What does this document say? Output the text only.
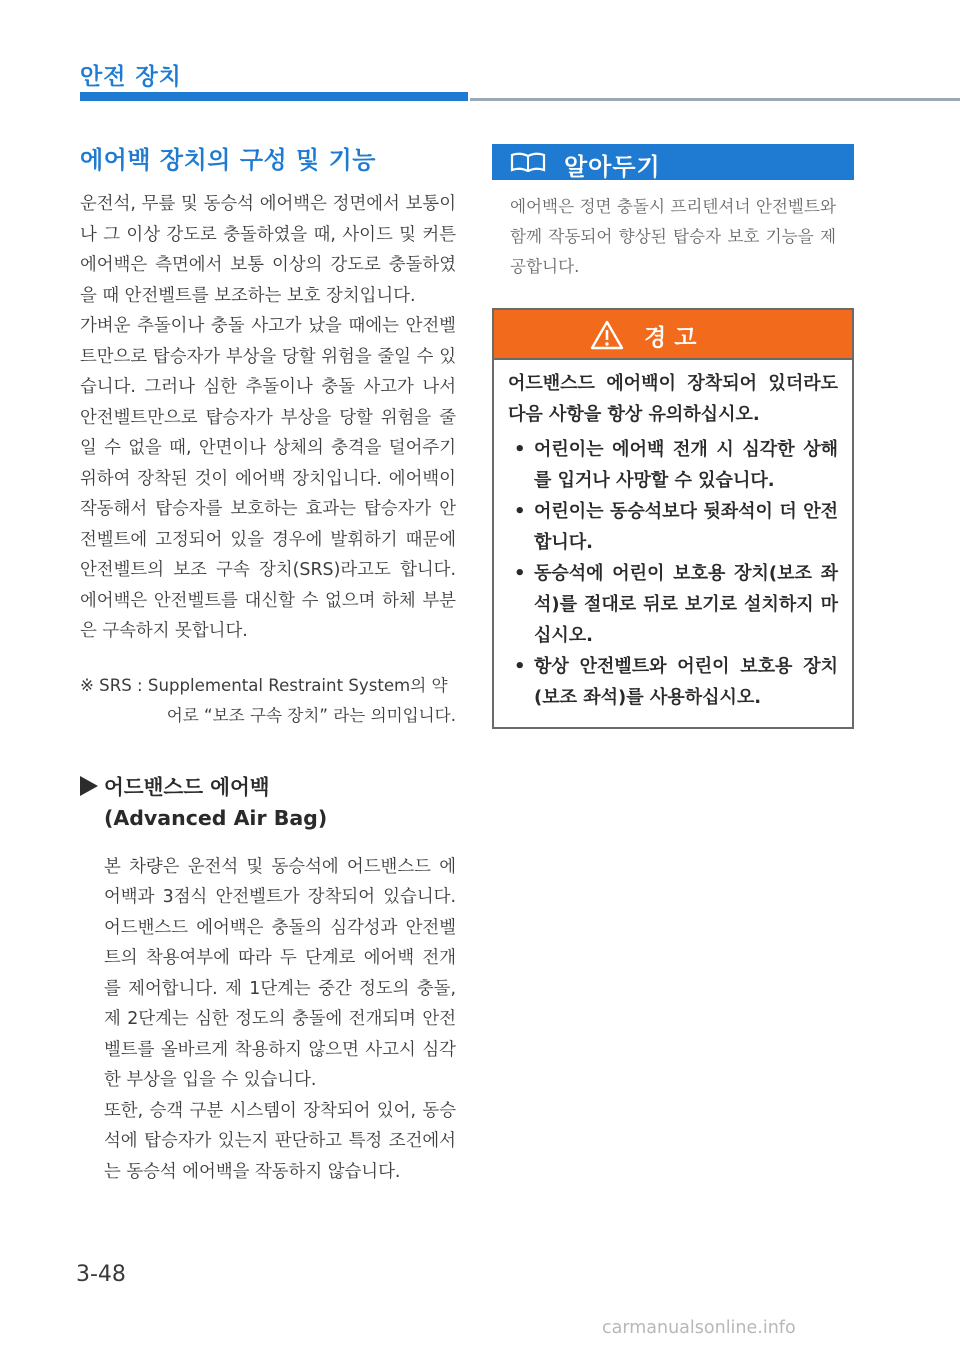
안전 장치
에어백 장치의 구성 및 기능

운전석, 무릎 및 동승석 에어백은 정면에서 보통이나 그 이상 강도로 충돌하였을 때, 사이드 및 커튼 에어백은 측면에서 보통 이상의 강도로 충돌하였을 때 안전벨트를 보조하는 보호 장치입니다.

가벼운 추돌이나 충돌 사고가 났을 때에는 안전벨트만으로 탑승자가 부상을 당할 위험을 줄일 수 있습니다. 그러나 심한 추돌이나 충돌 사고가 나서 안전벨트만으로 탑승자가 부상을 당할 위험을 줄일 수 없을 때, 안면이나 상체의 충격을 덜어주기 위하여 장착된 것이 에어백 장치입니다. 에어백이 작동해서 탑승자를 보호하는 효과는 탑승자가 안전벨트에 고정되어 있을 경우에 발휘하기 때문에 안전벨트의 보조 구속 장치(SRS)라고도 합니다. 에어백은 안전벨트를 대신할 수 없으며 하체 부분은 구속하지 못합니다.

※ SRS : Supplemental Restraint System의 약

어로 “보조 구속 장치” 라는 의미입니다.
어드밴스드 에어백
(Advanced Air Bag)

본 차량은 운전석 및 동승석에 어드밴스드 에어백과 3점식 안전벨트가 장착되어 있습니다. 어드밴스드 에어백은 충돌의 심각성과 안전벨트의 착용여부에 따라 두 단계로 에어백 전개를 제어합니다. 제 1단계는 중간 정도의 충돌, 제 2단계는 심한 정도의 충돌에 전개되며 안전벨트를 올바르게 착용하지 않으면 사고시 심각한 부상을 입을 수 있습니다.

또한, 승객 구분 시스템이 장착되어 있어, 동승석에 탑승자가 있는지 판단하고 특정 조건에서는 동승석 에어백을 작동하지 않습니다.

알아두기

에어백은 정면 충돌시 프리텐셔너 안전벨트와 함께 작동되어 향상된 탑승자 보호 기능을 제공합니다.

경 고

어드밴스드 에어백이 장착되어 있더라도 다음 사항을 항상 유의하십시오.

• 어린이는 에어백 전개 시 심각한 상해를 입거나 사망할 수 있습니다.
• 어린이는 동승석보다 뒷좌석이 더 안전합니다.
• 동승석에 어린이 보호용 장치(보조 좌석)를 절대로 뒤로 보기로 설치하지 마십시오.
• 항상 안전벨트와 어린이 보호용 장치(보조 좌석)를 사용하십시오.
3-48
carmanualsonline.info
